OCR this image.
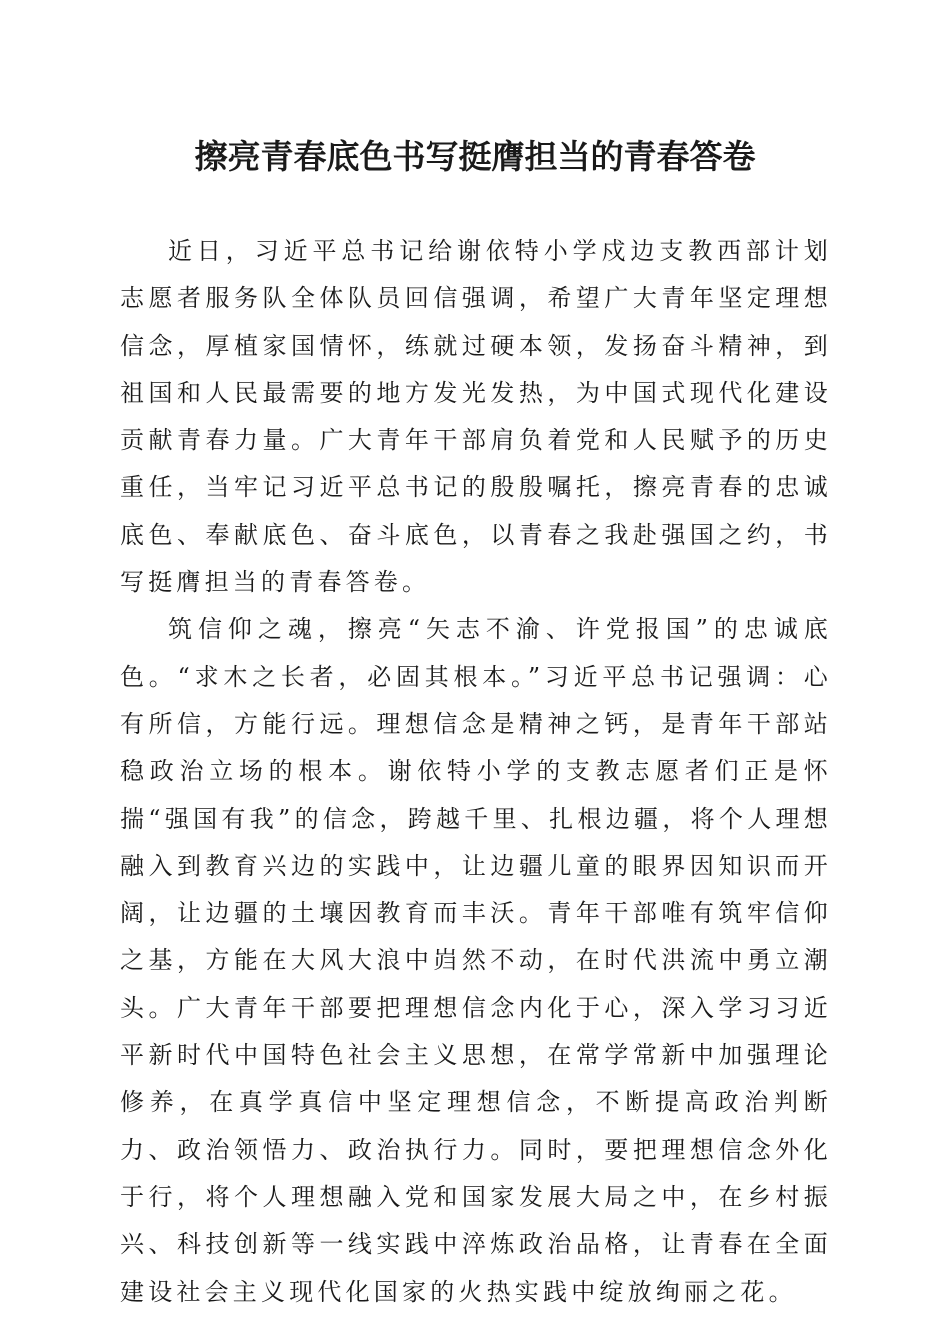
擦亮青春底色书写挺膺担当的青春答卷

近日，习近平总书记给谢依特小学戍边支教西部计划志愿者服务队全体队员回信强调，希望广大青年坚定理想信念，厚植家国情怀，练就过硬本领，发扬奋斗精神，到祖国和人民最需要的地方发光发热，为中国式现代化建设贡献青春力量。广大青年干部肩负着党和人民赋予的历史重任，当牢记习近平总书记的殷殷嘱托，擦亮青春的忠诚底色、奉献底色、奋斗底色，以青春之我赴强国之约，书写挺膺担当的青春答卷。

筑信仰之魂，擦亮“矢志不渝、许党报国”的忠诚底色。“求木之长者，必固其根本。”习近平总书记强调：心有所信，方能行远。理想信念是精神之钙，是青年干部站稳政治立场的根本。谢依特小学的支教志愿者们正是怀揣“强国有我”的信念，跨越千里、扎根边疆，将个人理想融入到教育兴边的实践中，让边疆儿童的眼界因知识而开阔，让边疆的土壤因教育而丰沃。青年干部唯有筑牢信仰之基，方能在大风大浪中岿然不动，在时代洪流中勇立潮头。广大青年干部要把理想信念内化于心，深入学习习近平新时代中国特色社会主义思想，在常学常新中加强理论修养，在真学真信中坚定理想信念，不断提高政治判断力、政治领悟力、政治执行力。同时，要把理想信念外化于行，将个人理想融入党和国家发展大局之中，在乡村振兴、科技创新等一线实践中淬炼政治品格，让青春在全面建设社会主义现代化国家的火热实践中绽放绚丽之花。
